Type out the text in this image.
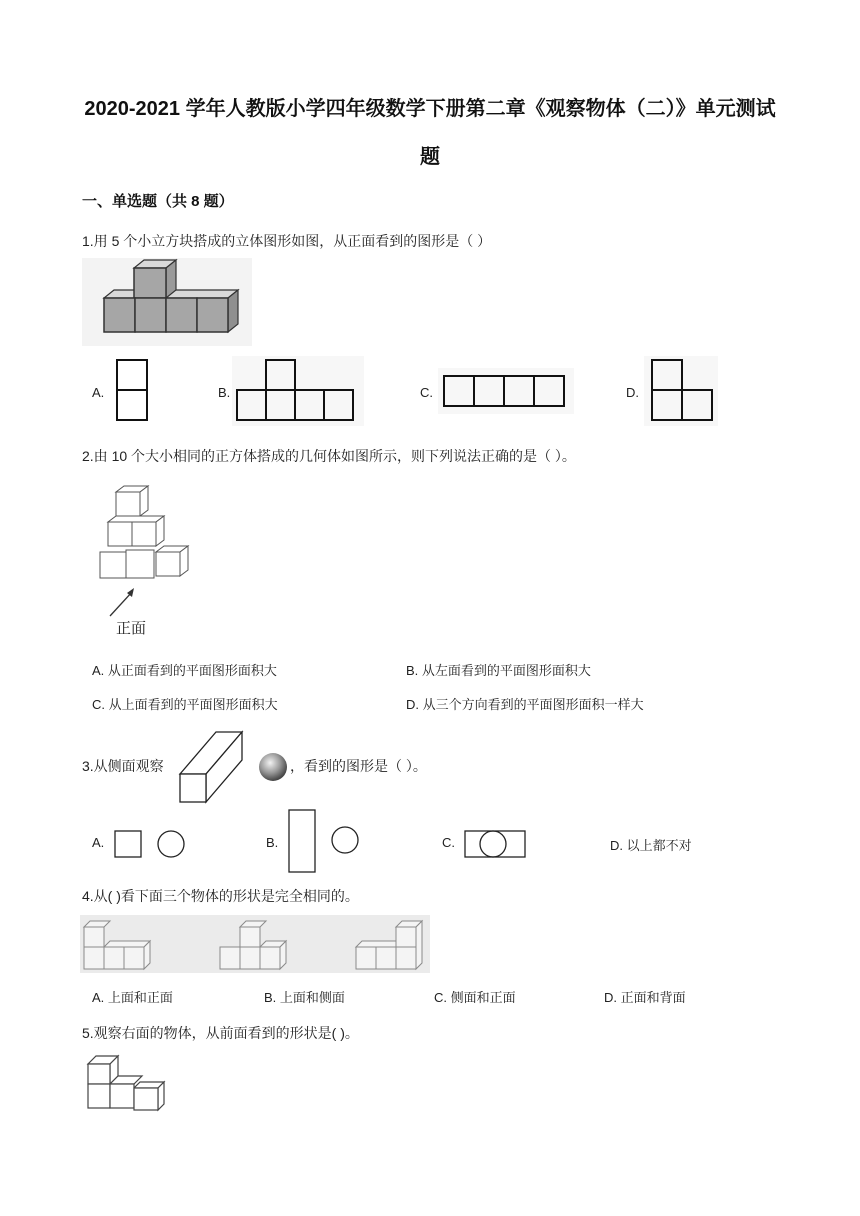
2020-2021 学年人教版小学四年级数学下册第二章《观察物体（二）》单元测试
题
一、单选题（共 8 题）
1.用 5 个小立方块搭成的立体图形如图，从正面看到的图形是（ ）
A.	B.	C.	D.
2.由 10 个大小相同的正方体搭成的几何体如图所示，则下列说法正确的是（ ）。
正面
A. 从正面看到的平面图形面积大	B. 从左面看到的平面图形面积大
C. 从上面看到的平面图形面积大	D. 从三个方向看到的平面图形面积一样大
3.从侧面观察	，看到的图形是（ ）。
A.	B.	C.	D. 以上都不对
4.从( )看下面三个物体的形状是完全相同的。
A. 上面和正面	B. 上面和侧面	C. 侧面和正面	D. 正面和背面
5.观察右面的物体，从前面看到的形状是( )。
